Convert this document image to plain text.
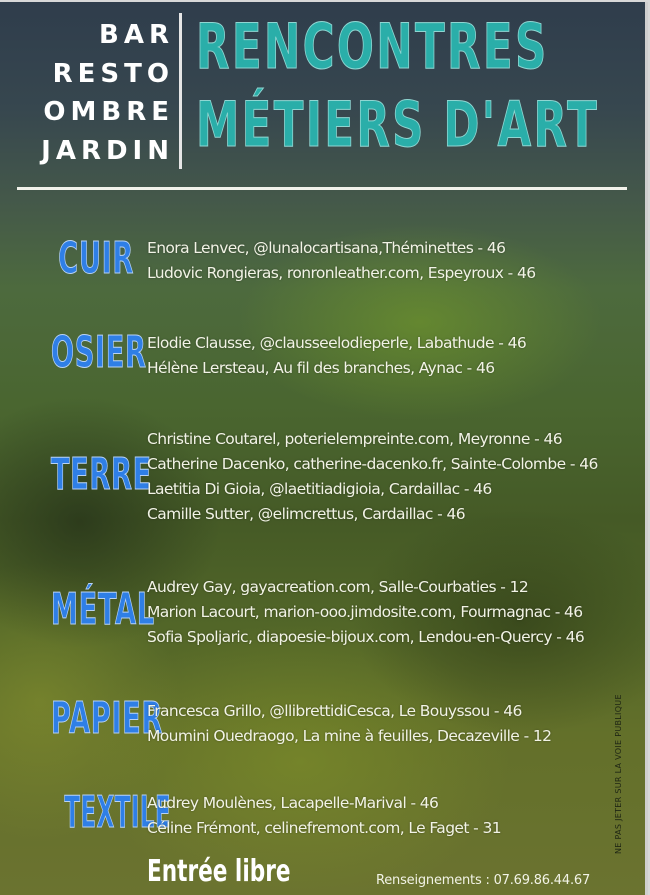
BAR
RESTO
OMBRE
JARDIN
RENCONTRES
MÉTIERS D'ART
CUIR Enora Lenvec, @lunalocartisana,Théminettes - 46
Ludovic Rongieras, ronronleather.com, Espeyroux - 46
OSIER Elodie Clausse, @clausseelodieperle, Labathude - 46
Hélène Lersteau, Au fil des branches, Aynac - 46
TERRE
Christine Coutarel, poterielempreinte.com, Meyronne - 46
Catherine Dacenko, catherine-dacenko.fr, Sainte-Colombe - 46
Laetitia Di Gioia, @laetitiadigioia, Cardaillac - 46
Camille Sutter, @elimcrettus, Cardaillac - 46
MÉTAL
Audrey Gay, gayacreation.com, Salle-Courbaties - 12
Marion Lacourt, marion-ooo.jimdosite.com, Fourmagnac - 46
Sofia Spoljaric, diapoesie-bijoux.com, Lendou-en-Quercy - 46
PAPIER
Francesca Grillo, @llibrettidiCesca, Le Bouyssou - 46
Moumini Ouedraogo, La mine à feuilles, Decazeville - 12
TEXTILE
Audrey Moulènes, Lacapelle-Marival - 46
Céline Frémont, celinefremont.com, Le Faget - 31
Entrée libre	Renseignements : 07.69.86.44.67
NE PAS JETER SUR LA VOIE PUBLIQUE
